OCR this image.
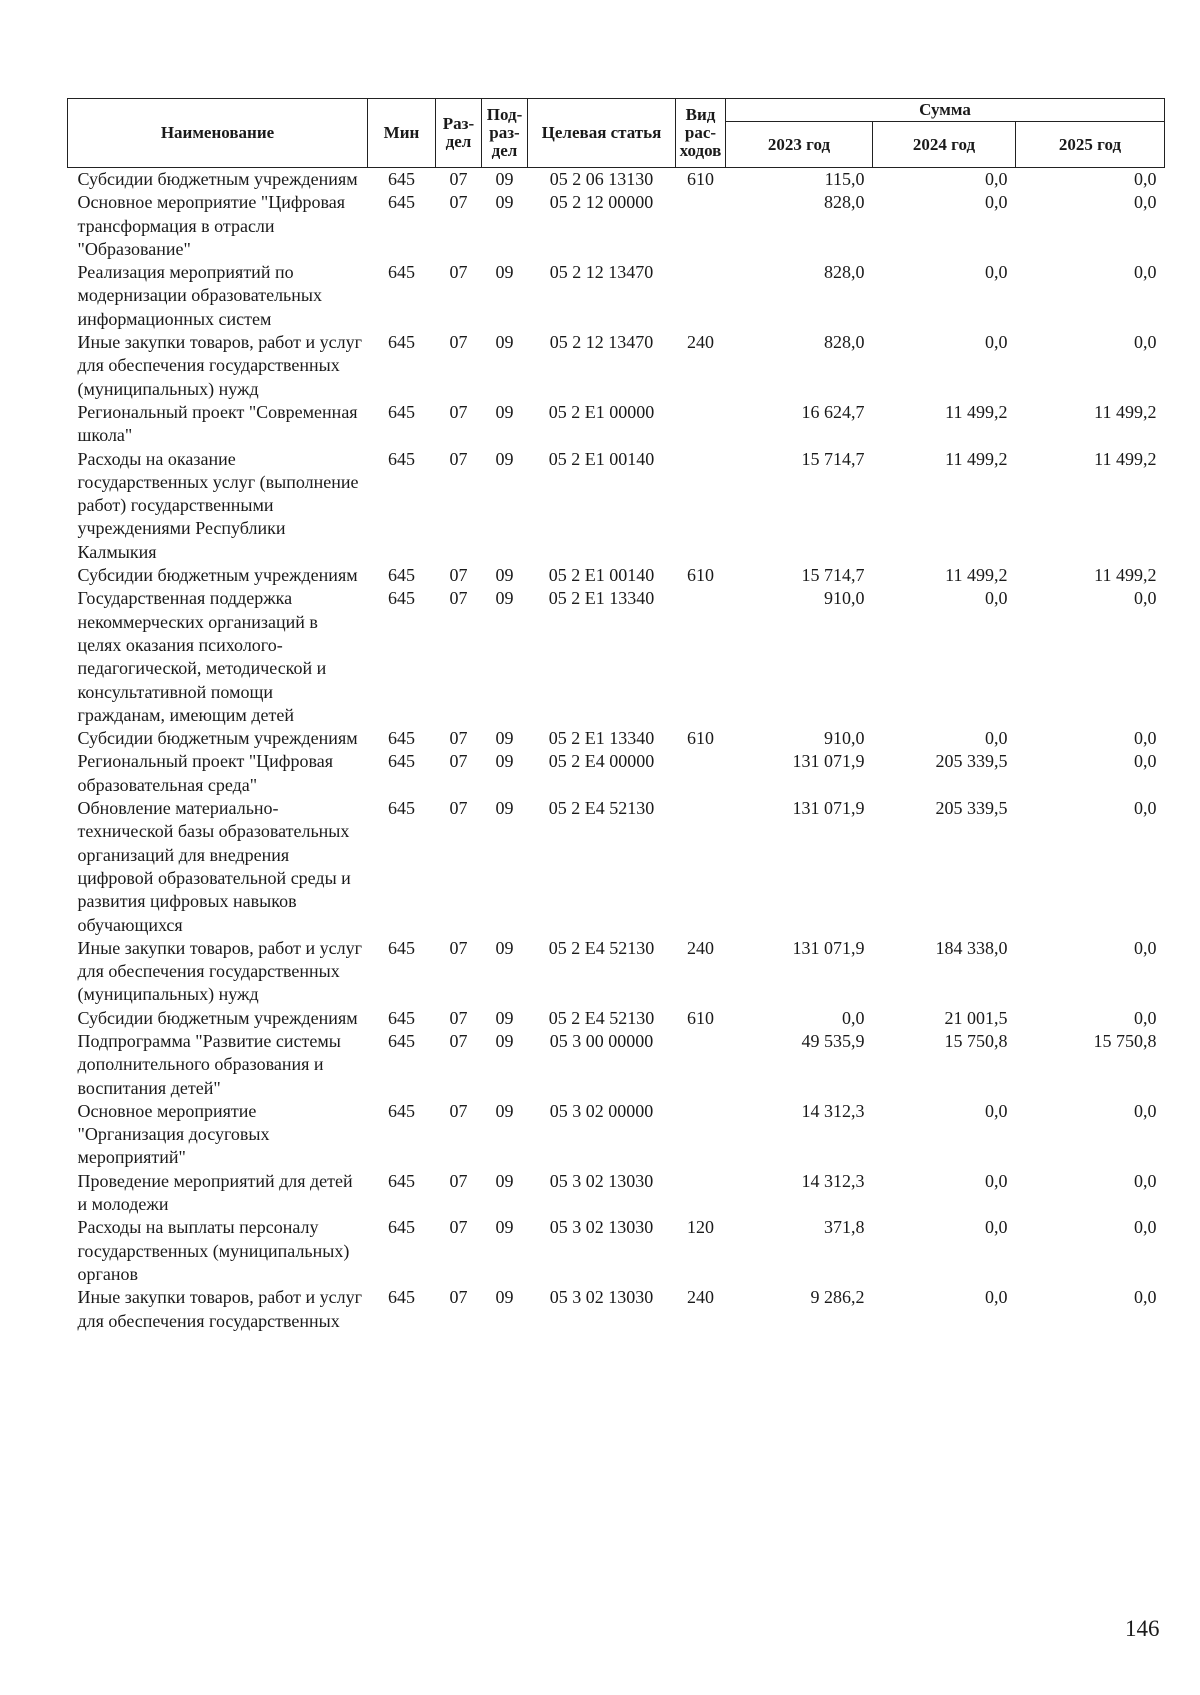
Наименование	Мин	Раз-дел	Под-раз-дел	Целевая статья	Вид рас-ходов	Сумма		
						2023 год	2024 год	2025 год
Субсидии бюджетным учреждениям	645	07	09	05 2 06 13130	610	115,0	0,0	0,0
Основное мероприятие "Цифровая трансформация в отрасли "Образование"	645	07	09	05 2 12 00000		828,0	0,0	0,0
Реализация мероприятий по модернизации образовательных информационных систем	645	07	09	05 2 12 13470		828,0	0,0	0,0
Иные закупки товаров, работ и услуг для обеспечения государственных (муниципальных) нужд	645	07	09	05 2 12 13470	240	828,0	0,0	0,0
Региональный проект "Современная школа"	645	07	09	05 2 E1 00000		16 624,7	11 499,2	11 499,2
Расходы на оказание государственных услуг (выполнение работ) государственными учреждениями Республики Калмыкия	645	07	09	05 2 E1 00140		15 714,7	11 499,2	11 499,2
Субсидии бюджетным учреждениям	645	07	09	05 2 E1 00140	610	15 714,7	11 499,2	11 499,2
Государственная поддержка некоммерческих организаций в целях оказания психолого-педагогической, методической и консультативной помощи гражданам, имеющим детей	645	07	09	05 2 E1 13340		910,0	0,0	0,0
Субсидии бюджетным учреждениям	645	07	09	05 2 E1 13340	610	910,0	0,0	0,0
Региональный проект "Цифровая образовательная среда"	645	07	09	05 2 E4 00000		131 071,9	205 339,5	0,0
Обновление материально-технической базы образовательных организаций для внедрения цифровой образовательной среды и развития цифровых навыков обучающихся	645	07	09	05 2 E4 52130		131 071,9	205 339,5	0,0
Иные закупки товаров, работ и услуг для обеспечения государственных (муниципальных) нужд	645	07	09	05 2 E4 52130	240	131 071,9	184 338,0	0,0
Субсидии бюджетным учреждениям	645	07	09	05 2 E4 52130	610	0,0	21 001,5	0,0
Подпрограмма "Развитие системы дополнительного образования и воспитания детей"	645	07	09	05 3 00 00000		49 535,9	15 750,8	15 750,8
Основное мероприятие "Организация досуговых мероприятий"	645	07	09	05 3 02 00000		14 312,3	0,0	0,0
Проведение мероприятий для детей и молодежи	645	07	09	05 3 02 13030		14 312,3	0,0	0,0
Расходы на выплаты персоналу государственных (муниципальных) органов	645	07	09	05 3 02 13030	120	371,8	0,0	0,0
Иные закупки товаров, работ и услуг для обеспечения государственных	645	07	09	05 3 02 13030	240	9 286,2	0,0	0,0
146
